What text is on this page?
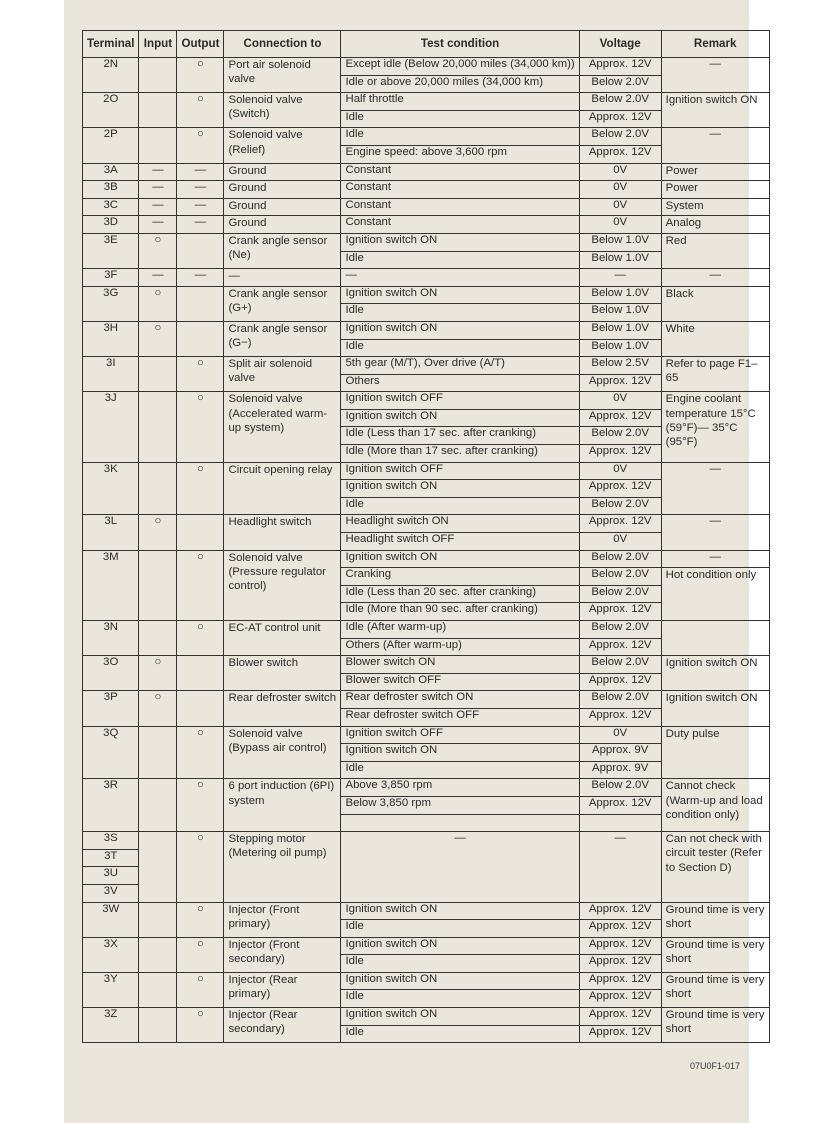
Terminal	Input	Output	Connection to	Test condition	Voltage	Remark
2N		○	Port air solenoid valve	Except idle (Below 20,000 miles (34,000 km))	Approx. 12V	—
				Idle or above 20,000 miles (34,000 km)	Below 2.0V	
2O		○	Solenoid valve (Switch)	Half throttle	Below 2.0V	Ignition switch ON
				Idle	Approx. 12V	
2P		○	Solenoid valve (Relief)	Idle	Below 2.0V	—
				Engine speed: above 3,600 rpm	Approx. 12V	
3A	—	—	Ground	Constant	0V	Power
3B	—	—	Ground	Constant	0V	Power
3C	—	—	Ground	Constant	0V	System
3D	—	—	Ground	Constant	0V	Analog
3E	○		Crank angle sensor (Ne)	Ignition switch ON	Below 1.0V	Red
				Idle	Below 1.0V	
3F	—	—	—	—	—	—
3G	○		Crank angle sensor (G+)	Ignition switch ON	Below 1.0V	Black
				Idle	Below 1.0V	
3H	○		Crank angle sensor (G−)	Ignition switch ON	Below 1.0V	White
				Idle	Below 1.0V	
3I		○	Split air solenoid valve	5th gear (M/T), Over drive (A/T)	Below 2.5V	Refer to page F1–65
				Others	Approx. 12V	
3J		○	Solenoid valve (Accelerated warm-up system)	Ignition switch OFF	0V	Engine coolant temperature 15°C (59°F)— 35°C (95°F)
				Ignition switch ON	Approx. 12V	
				Idle (Less than 17 sec. after cranking)	Below 2.0V	
				Idle (More than 17 sec. after cranking)	Approx. 12V	
3K		○	Circuit opening relay	Ignition switch OFF	0V	—
				Ignition switch ON	Approx. 12V	
				Idle	Below 2.0V	
3L	○		Headlight switch	Headlight switch ON	Approx. 12V	—
				Headlight switch OFF	0V	
3M		○	Solenoid valve (Pressure regulator control)	Ignition switch ON	Below 2.0V	—
				Cranking	Below 2.0V	Hot condition only
				Idle (Less than 20 sec. after cranking)	Below 2.0V	
				Idle (More than 90 sec. after cranking)	Approx. 12V	
3N		○	EC-AT control unit	Idle (After warm-up)	Below 2.0V	
				Others (After warm-up)	Approx. 12V	
3O	○		Blower switch	Blower switch ON	Below 2.0V	Ignition switch ON
				Blower switch OFF	Approx. 12V	
3P	○		Rear defroster switch	Rear defroster switch ON	Below 2.0V	Ignition switch ON
				Rear defroster switch OFF	Approx. 12V	
3Q		○	Solenoid valve (Bypass air control)	Ignition switch OFF	0V	Duty pulse
				Ignition switch ON	Approx. 9V	
				Idle	Approx. 9V	
3R		○	6 port induction (6PI) system	Above 3,850 rpm	Below 2.0V	Cannot check (Warm-up and load condition only)
				Below 3,850 rpm	Approx. 12V	

3S		○	Stepping motor (Metering oil pump)	—	—	Can not check with circuit tester (Refer to Section D)
3T						
3U						
3V						
3W		○	Injector (Front primary)	Ignition switch ON	Approx. 12V	Ground time is very short
				Idle	Approx. 12V	
3X		○	Injector (Front secondary)	Ignition switch ON	Approx. 12V	Ground time is very short
				Idle	Approx. 12V	
3Y		○	Injector (Rear primary)	Ignition switch ON	Approx. 12V	Ground time is very short
				Idle	Approx. 12V	
3Z		○	Injector (Rear secondary)	Ignition switch ON	Approx. 12V	Ground time is very short
				Idle	Approx. 12V	
07U0F1-017
